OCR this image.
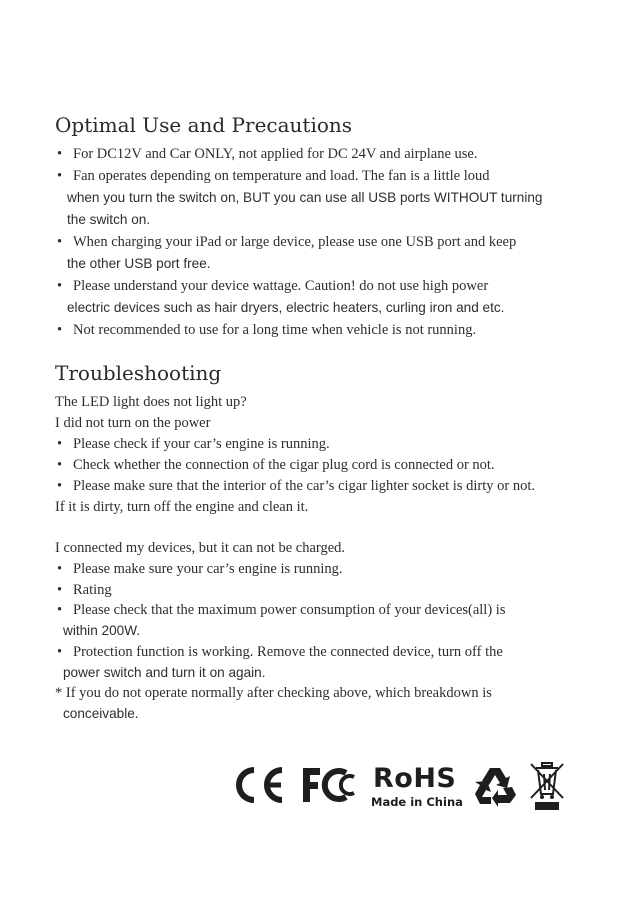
Optimal Use and Precautions
• For DC12V and Car ONLY, not applied for DC 24V and airplane use.
• Fan operates depending on temperature and load. The fan is a little loud
when you turn the switch on, BUT you can use all USB ports WITHOUT turning
the switch on.
• When charging your iPad or large device, please use one USB port and keep
the other USB port free.
• Please understand your device wattage. Caution! do not use high power
electric devices such as hair dryers, electric heaters, curling iron and etc.
• Not recommended to use for a long time when vehicle is not running.
Troubleshooting
The LED light does not light up?
I did not turn on the power
• Please check if your car’s engine is running.
• Check whether the connection of the cigar plug cord is connected or not.
• Please make sure that the interior of the car’s cigar lighter socket is dirty or not.
If it is dirty, turn off the engine and clean it.
I connected my devices, but it can not be charged.
• Please make sure your car’s engine is running.
• Rating
• Please check that the maximum power consumption of your devices(all) is
within 200W.
• Protection function is working. Remove the connected device, turn off the
power switch and turn it on again.
* If you do not operate normally after checking above, which breakdown is
conceivable.
RoHS
Made in China
